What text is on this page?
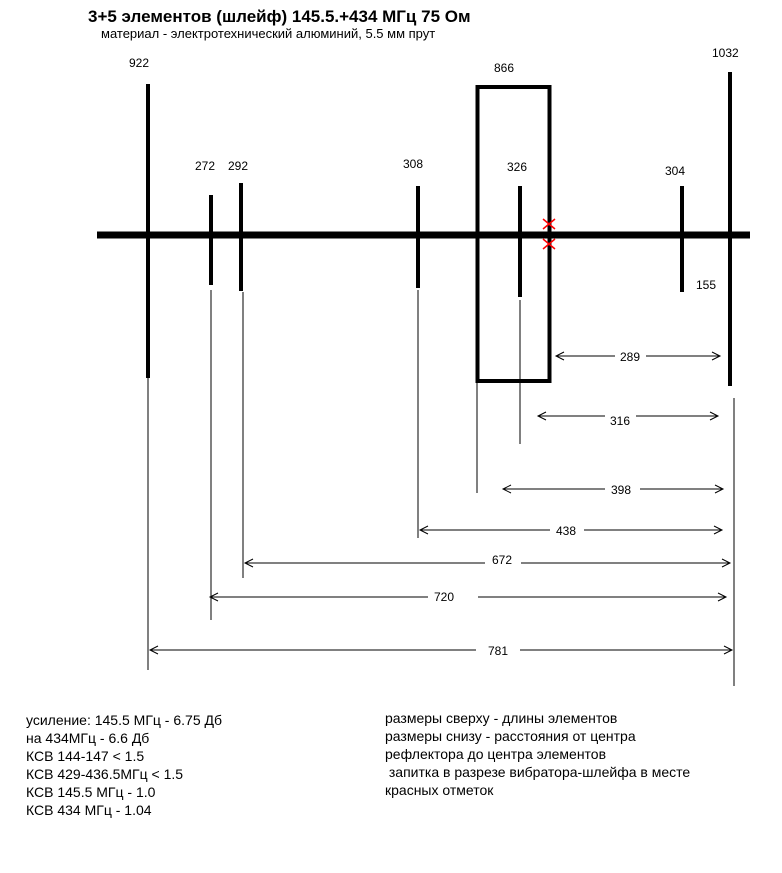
3+5 элементов (шлейф) 145.5.+434 МГц 75 Ом
материал - электротехнический алюминий, 5.5 мм прут
922
272 292	308
866
326	304
155
1032
289
316
398
438
672
720
781
усиление: 145.5 МГц - 6.75 Дб
на 434МГц - 6.6 Дб
КСВ 144-147 < 1.5
КСВ 429-436.5МГц < 1.5
КСВ 145.5 МГц - 1.0
КСВ 434 МГц - 1.04
размеры сверху - длины элементов
размеры снизу - расстояния от центра
рефлектора до центра элементов
запитка в разрезе вибратора-шлейфа в месте
красных отметок
